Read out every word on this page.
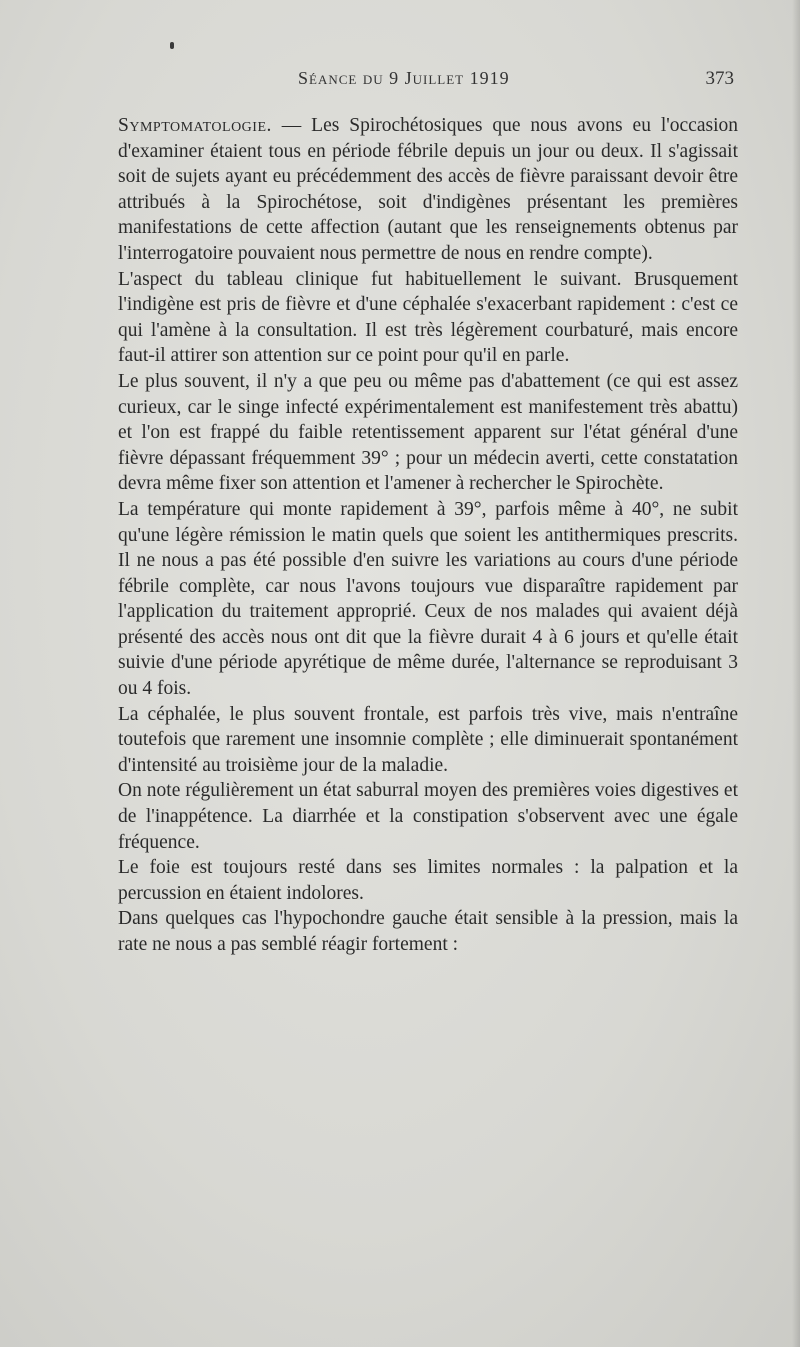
Séance du 9 Juillet 1919	373

Symptomatologie. — Les Spirochétosiques que nous avons eu l'occasion d'examiner étaient tous en période fébrile depuis un jour ou deux. Il s'agissait soit de sujets ayant eu précédemment des accès de fièvre paraissant devoir être attribués à la Spirochétose, soit d'indigènes présentant les premières manifestations de cette affection (autant que les renseignements obtenus par l'interrogatoire pouvaient nous permettre de nous en rendre compte).

L'aspect du tableau clinique fut habituellement le suivant. Brusquement l'indigène est pris de fièvre et d'une céphalée s'exacerbant rapidement : c'est ce qui l'amène à la consultation. Il est très légèrement courbaturé, mais encore faut-il attirer son attention sur ce point pour qu'il en parle.

Le plus souvent, il n'y a que peu ou même pas d'abattement (ce qui est assez curieux, car le singe infecté expérimentalement est manifestement très abattu) et l'on est frappé du faible retentissement apparent sur l'état général d'une fièvre dépassant fréquemment 39° ; pour un médecin averti, cette constatation devra même fixer son attention et l'amener à rechercher le Spirochète.

La température qui monte rapidement à 39°, parfois même à 40°, ne subit qu'une légère rémission le matin quels que soient les antithermiques prescrits. Il ne nous a pas été possible d'en suivre les variations au cours d'une période fébrile complète, car nous l'avons toujours vue disparaître rapidement par l'application du traitement approprié. Ceux de nos malades qui avaient déjà présenté des accès nous ont dit que la fièvre durait 4 à 6 jours et qu'elle était suivie d'une période apyrétique de même durée, l'alternance se reproduisant 3 ou 4 fois.

La céphalée, le plus souvent frontale, est parfois très vive, mais n'entraîne toutefois que rarement une insomnie complète ; elle diminuerait spontanément d'intensité au troisième jour de la maladie.

On note régulièrement un état saburral moyen des premières voies digestives et de l'inappétence. La diarrhée et la constipation s'observent avec une égale fréquence.

Le foie est toujours resté dans ses limites normales : la palpation et la percussion en étaient indolores.

Dans quelques cas l'hypochondre gauche était sensible à la pression, mais la rate ne nous a pas semblé réagir fortement :
